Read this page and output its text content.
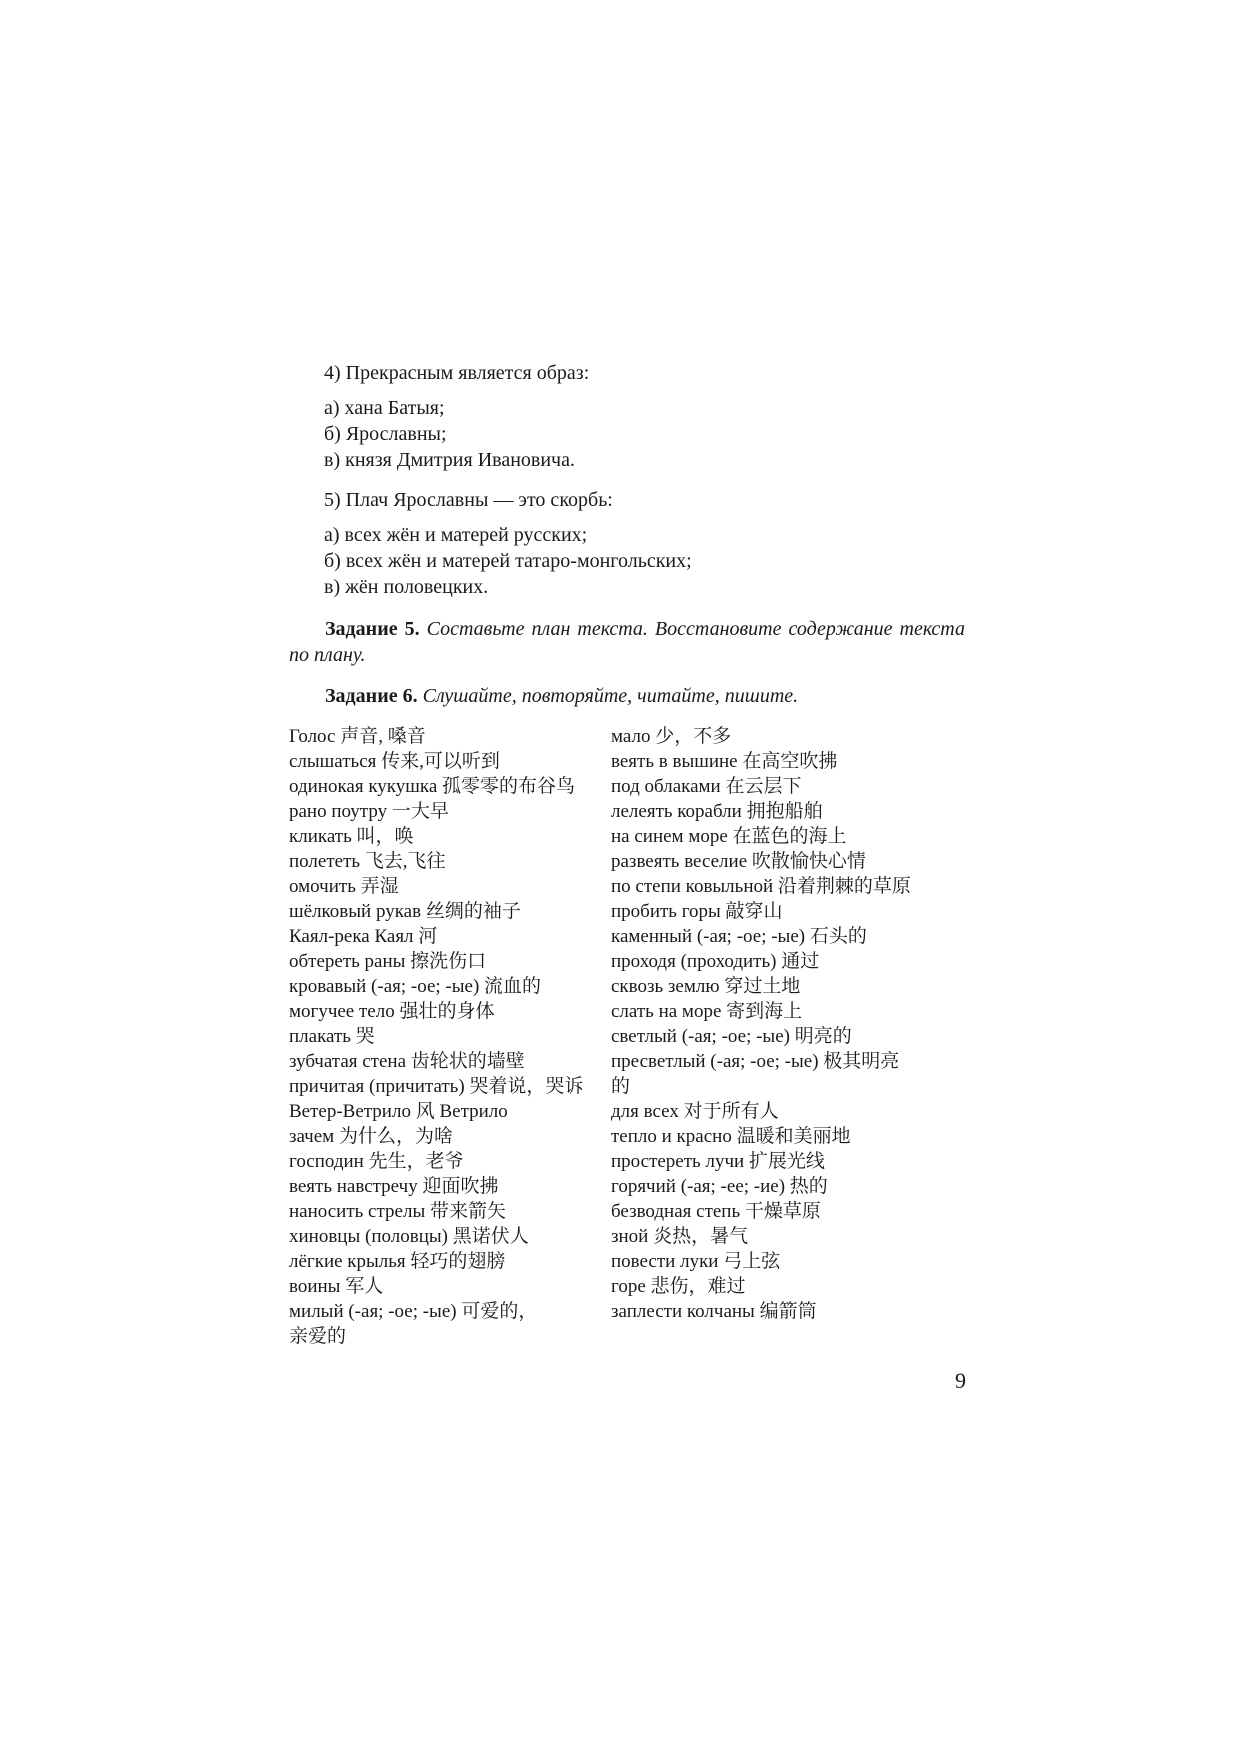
4) Прекрасным является образ:

а) хана Батыя;

б) Ярославны;

в) князя Дмитрия Ивановича.

5) Плач Ярославны — это скорбь:

а) всех жён и матерей русских;

б) всех жён и матерей татаро-монгольских;

в) жён половецких.

Задание 5. Составьте план текста. Восстановите содержание текста по плану.

Задание 6. Слушайте, повторяйте, читайте, пишите.

Голос 声音, 嗓音
слышаться 传来,可以听到
одинокая кукушка 孤零零的布谷鸟
рано поутру 一大早
кликать 叫，唤
полететь 飞去,飞往
омочить 弄湿
шёлковый рукав 丝绸的袖子
Каял-река Каял 河
обтереть раны 擦洗伤口
кровавый (-ая; -ое; -ые) 流血的
могучее тело 强壮的身体
плакать 哭
зубчатая стена 齿轮状的墙壁
причитая (причитать) 哭着说，哭诉
Ветер-Ветрило 风 Ветрило
зачем 为什么，为啥
господин 先生，老爷
веять навстречу 迎面吹拂
наносить стрелы 带来箭矢
хиновцы (половцы) 黑诺伏人
лёгкие крылья 轻巧的翅膀
воины 军人
милый (-ая; -ое; -ые) 可爱的，
亲爱的
мало 少，不多
веять в вышине 在高空吹拂
под облаками 在云层下
лелеять корабли 拥抱船舶
на синем море 在蓝色的海上
развеять веселие 吹散愉快心情
по степи ковыльной 沿着荆棘的草原
пробить горы 敲穿山
каменный (-ая; -ое; -ые) 石头的
проходя (проходить) 通过
сквозь землю 穿过土地
слать на море 寄到海上
светлый (-ая; -ое; -ые) 明亮的
пресветлый (-ая; -ое; -ые) 极其明亮
的
для всех 对于所有人
тепло и красно 温暖和美丽地
простереть лучи 扩展光线
горячий (-ая; -ее; -ие) 热的
безводная степь 干燥草原
зной 炎热，暑气
повести луки 弓上弦
горе 悲伤，难过
заплести колчаны 编箭筒
9
